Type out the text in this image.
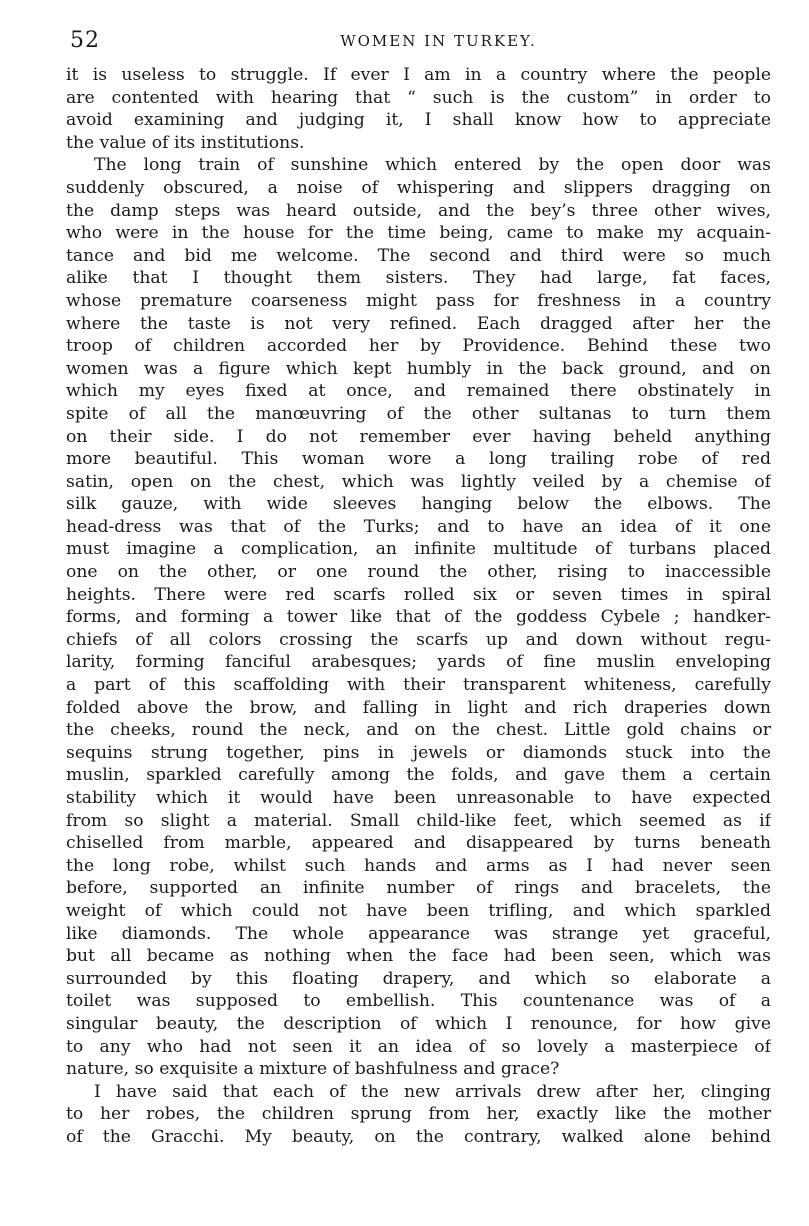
52	WOMEN IN TURKEY.
it is useless to struggle. If ever I am in a country where the people
are contented with hearing that “ such is the custom” in order to
avoid examining and judging it, I shall know how to appreciate
the value of its institutions.
The long train of sunshine which entered by the open door was
suddenly obscured, a noise of whispering and slippers dragging on
the damp steps was heard outside, and the bey’s three other wives,
who were in the house for the time being, came to make my acquain-
tance and bid me welcome. The second and third were so much
alike that I thought them sisters. They had large, fat faces,
whose premature coarseness might pass for freshness in a country
where the taste is not very refined. Each dragged after her the
troop of children accorded her by Providence. Behind these two
women was a figure which kept humbly in the back ground, and on
which my eyes fixed at once, and remained there obstinately in
spite of all the manœuvring of the other sultanas to turn them
on their side. I do not remember ever having beheld anything
more beautiful. This woman wore a long trailing robe of red
satin, open on the chest, which was lightly veiled by a chemise of
silk gauze, with wide sleeves hanging below the elbows. The
head-dress was that of the Turks; and to have an idea of it one
must imagine a complication, an infinite multitude of turbans placed
one on the other, or one round the other, rising to inaccessible
heights. There were red scarfs rolled six or seven times in spiral
forms, and forming a tower like that of the goddess Cybele ; handker-
chiefs of all colors crossing the scarfs up and down without regu-
larity, forming fanciful arabesques; yards of fine muslin enveloping
a part of this scaffolding with their transparent whiteness, carefully
folded above the brow, and falling in light and rich draperies down
the cheeks, round the neck, and on the chest. Little gold chains or
sequins strung together, pins in jewels or diamonds stuck into the
muslin, sparkled carefully among the folds, and gave them a certain
stability which it would have been unreasonable to have expected
from so slight a material. Small child-like feet, which seemed as if
chiselled from marble, appeared and disappeared by turns beneath
the long robe, whilst such hands and arms as I had never seen
before, supported an infinite number of rings and bracelets, the
weight of which could not have been trifling, and which sparkled
like diamonds. The whole appearance was strange yet graceful,
but all became as nothing when the face had been seen, which was
surrounded by this floating drapery, and which so elaborate a
toilet was supposed to embellish. This countenance was of a
singular beauty, the description of which I renounce, for how give
to any who had not seen it an idea of so lovely a masterpiece of
nature, so exquisite a mixture of bashfulness and grace?
I have said that each of the new arrivals drew after her, clinging
to her robes, the children sprung from her, exactly like the mother
of the Gracchi. My beauty, on the contrary, walked alone behind
